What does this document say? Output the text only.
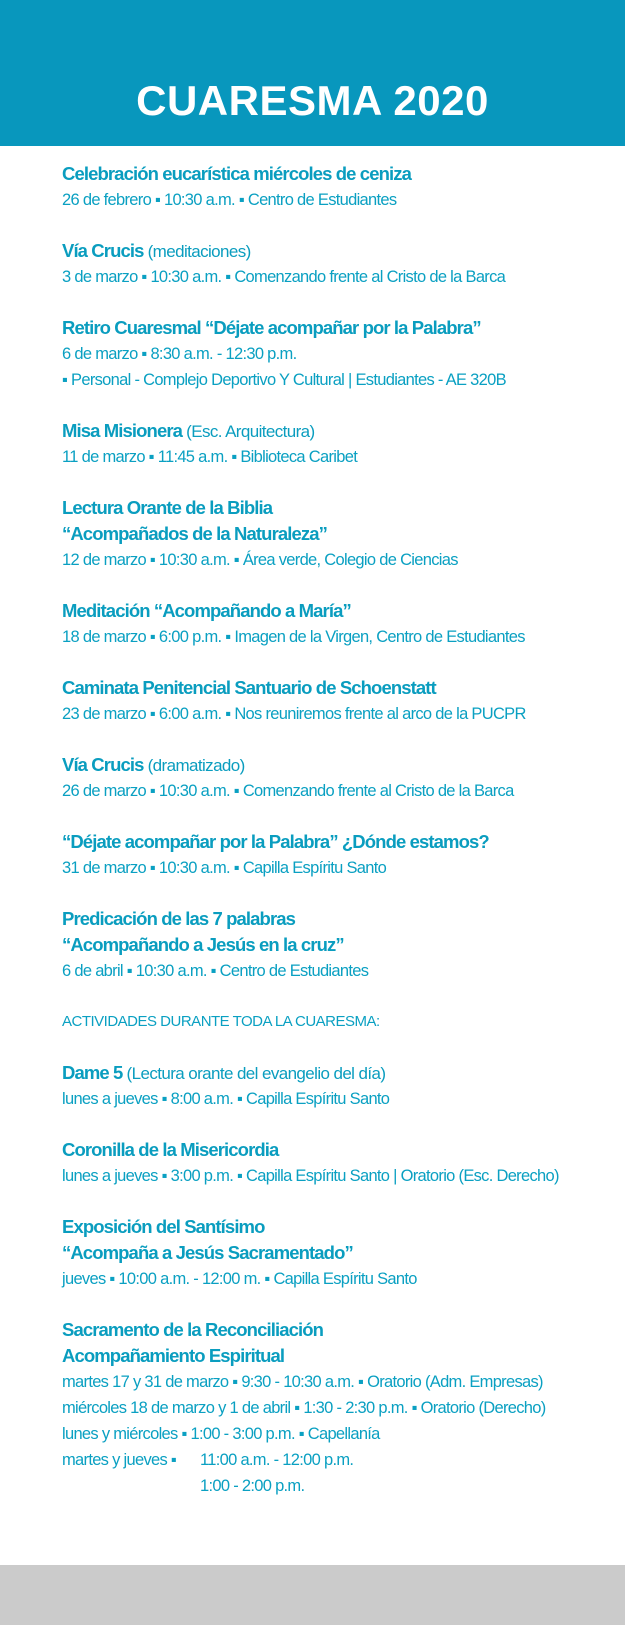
CUARESMA 2020
Celebración eucarística miércoles de ceniza
26 de febrero ▪ 10:30 a.m. ▪ Centro de Estudiantes
Vía Crucis (meditaciones)
3 de marzo ▪ 10:30 a.m. ▪ Comenzando frente al Cristo de la Barca
Retiro Cuaresmal “Déjate acompañar por la Palabra”
6 de marzo ▪ 8:30 a.m. - 12:30 p.m.
▪ Personal - Complejo Deportivo Y Cultural | Estudiantes - AE 320B
Misa Misionera (Esc. Arquitectura)
11 de marzo ▪ 11:45 a.m. ▪ Biblioteca Caribet
Lectura Orante de la Biblia
“Acompañados de la Naturaleza”
12 de marzo ▪ 10:30 a.m. ▪ Área verde, Colegio de Ciencias
Meditación “Acompañando a María”
18 de marzo ▪ 6:00 p.m. ▪ Imagen de la Virgen, Centro de Estudiantes
Caminata Penitencial Santuario de Schoenstatt
23 de marzo ▪ 6:00 a.m. ▪ Nos reuniremos frente al arco de la PUCPR
Vía Crucis (dramatizado)
26 de marzo ▪ 10:30 a.m. ▪ Comenzando frente al Cristo de la Barca
“Déjate acompañar por la Palabra” ¿Dónde estamos?
31 de marzo ▪ 10:30 a.m. ▪ Capilla Espíritu Santo
Predicación de las 7 palabras
“Acompañando a Jesús en la cruz”
6 de abril ▪ 10:30 a.m. ▪ Centro de Estudiantes
ACTIVIDADES DURANTE TODA LA CUARESMA:
Dame 5 (Lectura orante del evangelio del día)
lunes a jueves ▪ 8:00 a.m. ▪ Capilla Espíritu Santo
Coronilla de la Misericordia
lunes a jueves ▪ 3:00 p.m. ▪ Capilla Espíritu Santo | Oratorio (Esc. Derecho)
Exposición del Santísimo
“Acompaña a Jesús Sacramentado”
jueves ▪ 10:00 a.m. - 12:00 m. ▪ Capilla Espíritu Santo
Sacramento de la Reconciliación
Acompañamiento Espiritual
martes 17 y 31 de marzo ▪ 9:30 - 10:30 a.m. ▪ Oratorio (Adm. Empresas)
miércoles 18 de marzo y 1 de abril ▪ 1:30 - 2:30 p.m. ▪ Oratorio (Derecho)
lunes y miércoles ▪ 1:00 - 3:00 p.m. ▪ Capellanía
martes y jueves ▪ 11:00 a.m. - 12:00 p.m.
1:00 - 2:00 p.m.
